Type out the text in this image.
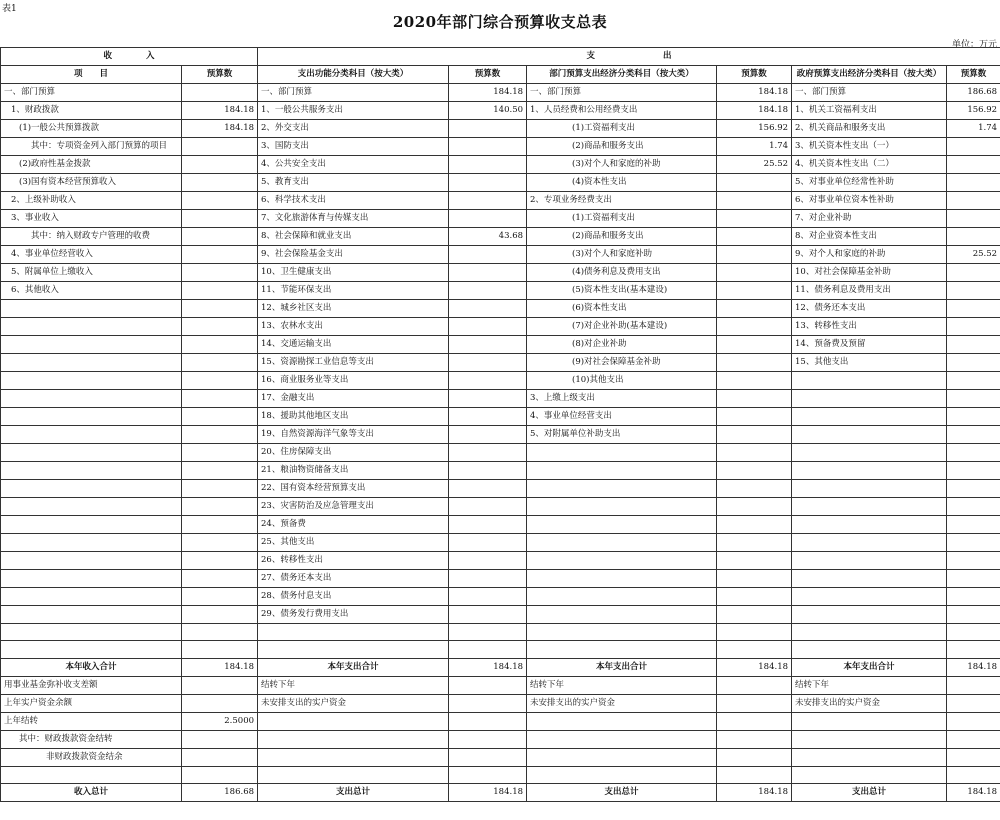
表1
2020年部门综合预算收支总表
单位：万元
收　　　　入		支　　　　　　　　出					
项　　目	预算数	支出功能分类科目（按大类）	预算数	部门预算支出经济分类科目（按大类）	预算数	政府预算支出经济分类科目（按大类）	预算数
一、部门预算		一、部门预算	184.18	一、部门预算	184.18	一、部门预算	186.68
1、财政拨款	184.18	1、一般公共服务支出	140.50	1、人员经费和公用经费支出	184.18	1、机关工资福利支出	156.92
(1)一般公共预算拨款	184.18	2、外交支出		(1)工资福利支出	156.92	2、机关商品和服务支出	1.74
其中：专项资金列入部门预算的项目		3、国防支出		(2)商品和服务支出	1.74	3、机关资本性支出（一）	
(2)政府性基金拨款		4、公共安全支出		(3)对个人和家庭的补助	25.52	4、机关资本性支出（二）	
(3)国有资本经营预算收入		5、教育支出		(4)资本性支出		5、对事业单位经常性补助	
2、上级补助收入		6、科学技术支出		2、专项业务经费支出		6、对事业单位资本性补助	
3、事业收入		7、文化旅游体育与传媒支出		(1)工资福利支出		7、对企业补助	
其中：纳入财政专户管理的收费		8、社会保障和就业支出	43.68	(2)商品和服务支出		8、对企业资本性支出	
4、事业单位经营收入		9、社会保险基金支出		(3)对个人和家庭补助		9、对个人和家庭的补助	25.52
5、附属单位上缴收入		10、卫生健康支出		(4)债务利息及费用支出		10、对社会保障基金补助	
6、其他收入		11、节能环保支出		(5)资本性支出(基本建设)		11、债务利息及费用支出	
		12、城乡社区支出		(6)资本性支出		12、债务还本支出	
		13、农林水支出		(7)对企业补助(基本建设)		13、转移性支出	
		14、交通运输支出		(8)对企业补助		14、预备费及预留	
		15、资源勘探工业信息等支出		(9)对社会保障基金补助		15、其他支出	
		16、商业服务业等支出		(10)其他支出			
		17、金融支出		3、上缴上级支出			
		18、援助其他地区支出		4、事业单位经营支出			
		19、自然资源海洋气象等支出		5、对附属单位补助支出			
		20、住房保障支出					
		21、粮油物资储备支出					
		22、国有资本经营预算支出					
		23、灾害防治及应急管理支出					
		24、预备费					
		25、其他支出					
		26、转移性支出					
		27、债务还本支出					
		28、债务付息支出					
		29、债务发行费用支出					

本年收入合计	184.18	本年支出合计	184.18	本年支出合计	184.18	本年支出合计	184.18
用事业基金弥补收支差额		结转下年		结转下年		结转下年	
上年实户资金余额		未安排支出的实户资金		未安排支出的实户资金		未安排支出的实户资金	
上年结转	2.5000						
其中：财政拨款资金结转							
非财政拨款资金结余							

收入总计	186.68	支出总计	184.18	支出总计	184.18	支出总计	184.18
